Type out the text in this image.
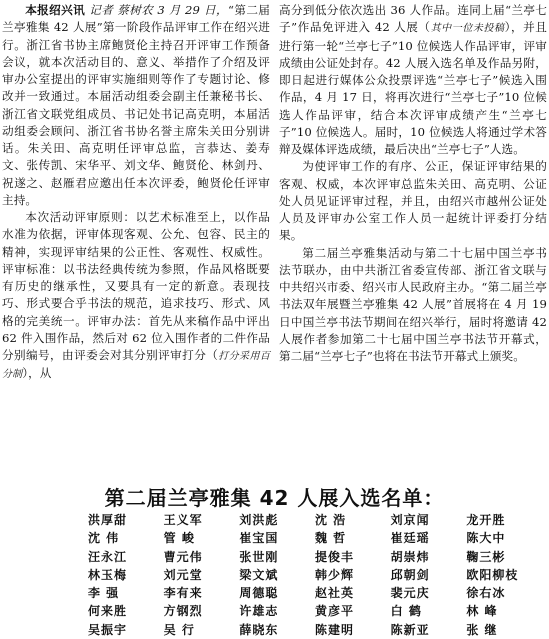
本报绍兴讯 记者 蔡树农 3 月 29 日，“第二届兰亭雅集 42 人展”第一阶段作品评审工作在绍兴进行。浙江省书协主席鲍贤伦主持召开评审工作预备会议，就本次活动目的、意义、举措作了介绍及评审办公室提出的评审实施细则等作了专题讨论、修改并一致通过。本届活动组委会副主任兼秘书长、浙江省文联党组成员、书记处书记高克明，本届活动组委会顾问、浙江省书协名誉主席朱关田分别讲话。朱关田、高克明任评审总监，言恭达、姜寿文、张传凯、宋华平、刘文华、鲍贤伦、林剑丹、祝遂之、赵雁君应邀出任本次评委，鲍贤伦任评审主持。

本次活动评审原则：以艺术标准至上，以作品水准为依据，评审体现客观、公允、包容、民主的精神，实现评审结果的公正性、客观性、权威性。评审标准：以书法经典传统为参照，作品风格既要有历史的继承性，又要具有一定的新意。表现技巧、形式要合乎书法的规范，追求技巧、形式、风格的完美统一。评审办法：首先从来稿作品中评出 62 件入围作品，然后对 62 位入围作者的二件作品分别编号，由评委会对其分别评审打分（打分采用百分制），从

高分到低分依次选出 36 人作品。连同上届“兰亭七子”作品免评进入 42 人展（其中一位未投稿），并且进行第一轮“兰亭七子”10 位候选人作品评审，评审成绩由公证处封存。42 人展入选名单及作品另附，即日起进行媒体公众投票评选“兰亭七子”候选入围作品，4 月 17 日，将再次进行“兰亭七子”10 位候选人作品评审，结合本次评审成绩产生“兰亭七子”10 位候选人。届时，10 位候选人将通过学术答辩及媒体评选成绩，最后决出“兰亭七子”人选。

为使评审工作的有序、公正，保证评审结果的客观、权威，本次评审总监朱关田、高克明、公证处人员见证评审过程，并且，由绍兴市越州公证处人员及评审办公室工作人员一起统计评委打分结果。

第二届兰亭雅集活动与第二十七届中国兰亭书法节联办，由中共浙江省委宣传部、浙江省文联与中共绍兴市委、绍兴市人民政府主办。“第二届兰亭书法双年展暨兰亭雅集 42 人展”首展将在 4 月 19 日中国兰亭书法节期间在绍兴举行，届时将邀请 42 人展作者参加第二十七届中国兰亭书法节开幕式，第二届“兰亭七子”也将在书法节开幕式上颁奖。

第二届兰亭雅集 42 人展入选名单：
洪厚甜	王义军	刘洪彪	沈 浩	刘京闻	龙开胜
沈 伟	管 峻	崔宝国	魏 哲	崔廷瑶	陈大中
汪永江	曹元伟	张世刚	提俊丰	胡崇炜	鞠三彬
林玉梅	刘元堂	梁文斌	韩少辉	邱朝剑	欧阳柳枝
李 强	李有来	周德聪	赵社英	裴元庆	徐右冰
何来胜	方钢烈	许雄志	黄彦平	白 鹤	林 峰
吴振宇	吴 行	薛晓东	陈建明	陈新亚	张 继
